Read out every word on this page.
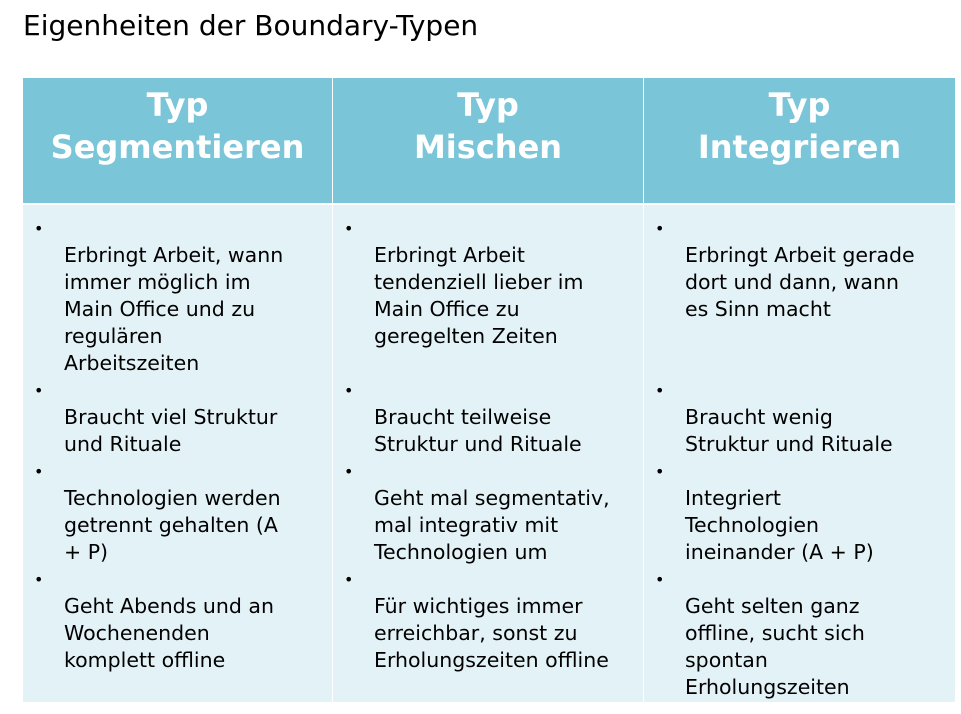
Eigenheiten der Boundary-Typen
Typ
Segmentieren
Typ
Mischen
Typ
Integrieren

•
Erbringt Arbeit, wann
immer möglich im
Main Office und zu
regulären
Arbeitszeiten

•
Braucht viel Struktur
und Rituale

•
Technologien werden
getrennt gehalten (A
+ P)

•
Geht Abends und an
Wochenenden
komplett offline

•
Erbringt Arbeit
tendenziell lieber im
Main Office zu
geregelten Zeiten

•
Braucht teilweise
Struktur und Rituale

•
Geht mal segmentativ,
mal integrativ mit
Technologien um

•
Für wichtiges immer
erreichbar, sonst zu
Erholungszeiten offline

•
Erbringt Arbeit gerade
dort und dann, wann
es Sinn macht

•
Braucht wenig
Struktur und Rituale

•
Integriert
Technologien
ineinander (A + P)

•
Geht selten ganz
offline, sucht sich
spontan
Erholungszeiten
